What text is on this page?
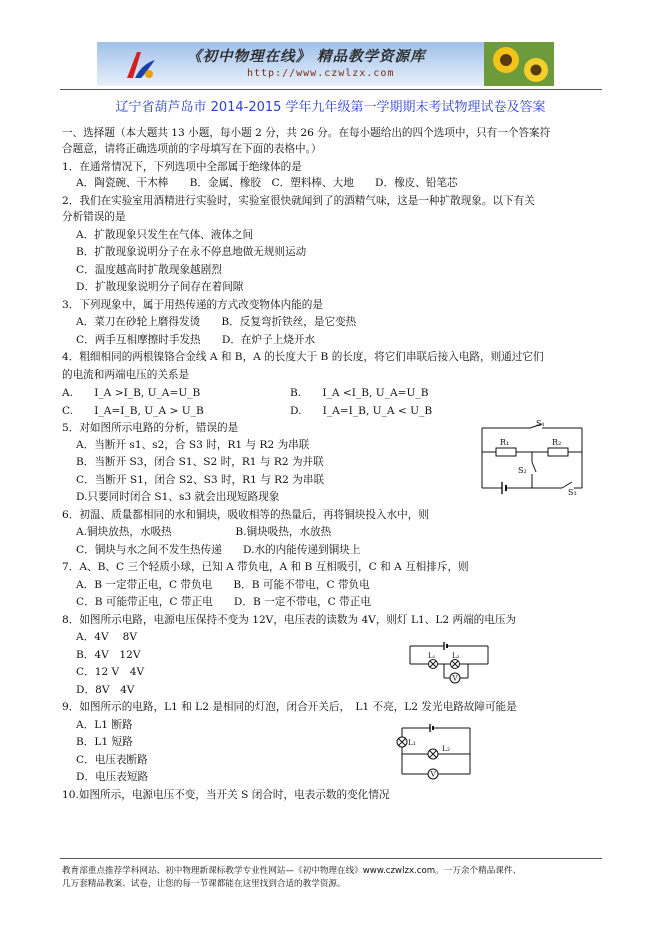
《初中物理在线》 精品教学资源库
http://www.czwlzx.com
辽宁省葫芦岛市 2014-2015 学年九年级第一学期期末考试物理试卷及答案
一、选择题（本大题共 13 小题，每小题 2 分，共 26 分。在每小题给出的四个选项中，只有一个答案符
合题意，请将正确选项前的字母填写在下面的表格中。）
1．在通常情况下，下列选项中全部属于绝缘体的是
A．陶瓷碗、干木棒　　B．金属、橡胶　C．塑料棒、大地　　D．橡皮、铅笔芯
2．我们在实验室用酒精进行实验时，实验室很快就闻到了的酒精气味，这是一种扩散现象。以下有关
分析错误的是
A．扩散现象只发生在气体、液体之间
B．扩散现象说明分子在永不停息地做无规则运动
C．温度越高时扩散现象越剧烈
D．扩散现象说明分子间存在着间隙
3．下列现象中，属于用热传递的方式改变物体内能的是
A．菜刀在砂轮上磨得发烫　　B．反复弯折铁丝，是它变热
C．两手互相摩擦时手发热　　D．在炉子上烧开水
4．粗细相同的两根镍铬合金线 A 和 B，A 的长度大于 B 的长度，将它们串联后接入电路，则通过它们
的电流和两端电压的关系是
A.　　I_A >I_B, U_A=U_B	B.　　I_A <I_B, U_A=U_B
C.　　I_A=I_B, U_A > U_B	D.　　I_A=I_B, U_A < U_B
5．对如图所示电路的分析，错误的是
A．当断开 s1、s2，合 S3 时，R1 与 R2 为串联
B．当断开 S3，闭合 S1、S2 时，R1 与 R2 为并联
C．当断开 S1，闭合 S2、S3 时，R1 与 R2 为串联
D.只要同时闭合 S1、s3 就会出现短路现象
6．初温、质量都相同的水和铜块，吸收相等的热量后，再将铜块投入水中，则
A.铜块放热，水吸热　　　　　　B.铜块吸热，水放热
C．铜块与水之间不发生热传递　　D.水的内能传递到铜块上
7．A、B、C 三个轻质小球，已知 A 带负电，A 和 B 互相吸引，C 和 A 互相排斥，则
A．B 一定带正电，C 带负电　　B．B 可能不带电，C 带负电
C．B 可能带正电，C 带正电　　D．B 一定不带电，C 带正电
8．如图所示电路，电源电压保持不变为 12V，电压表的读数为 4V，则灯 L1、L2 两端的电压为
A．4V　 8V
B．4V　12V
C．12 V　4V
D．8V　4V
9．如图所示的电路，L1 和 L2 是相同的灯泡，闭合开关后，　L1 不亮，L2 发光电路故障可能是
A．L1 断路
B．L1 短路
C．电压表断路
D．电压表短路
10.如图所示，电源电压不变，当开关 S 闭合时，电表示数的变化情况
S₁
R₁	R₂
S₂
S₃
L₁ L₂
V
L₁
L₂
V
教育部重点推荐学科网站、初中物理新课标教学专业性网站—《初中物理在线》www.czwlzx.com。一万余个精品课件、
几万套精品教案、试卷，让您的每一节课都能在这里找到合适的教学资源。
